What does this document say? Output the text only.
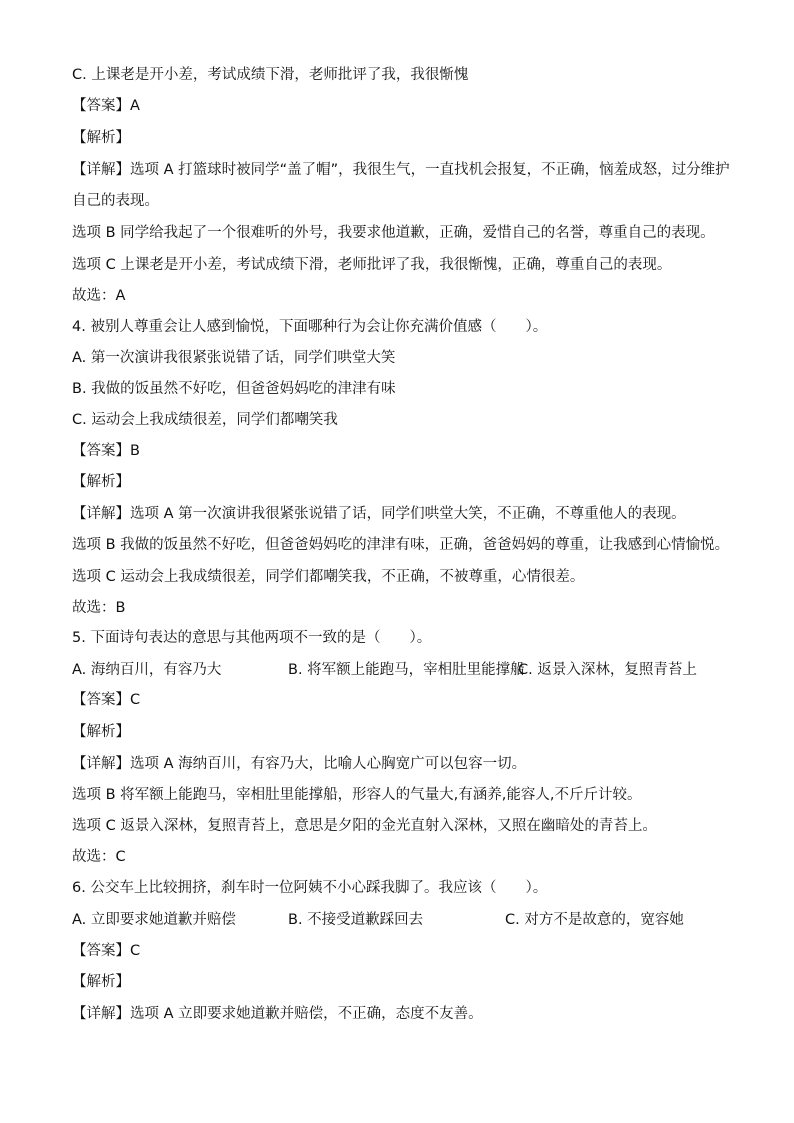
C. 上课老是开小差，考试成绩下滑，老师批评了我，我很惭愧
【答案】A
【解析】
【详解】选项 A 打篮球时被同学“盖了帽”，我很生气，一直找机会报复，不正确，恼羞成怒，过分维护
自己的表现。
选项 B 同学给我起了一个很难听的外号，我要求他道歉，正确，爱惜自己的名誉，尊重自己的表现。
选项 C 上课老是开小差，考试成绩下滑，老师批评了我，我很惭愧，正确，尊重自己的表现。
故选：A
4. 被别人尊重会让人感到愉悦，下面哪种行为会让你充满价值感（　　）。
A. 第一次演讲我很紧张说错了话，同学们哄堂大笑
B. 我做的饭虽然不好吃，但爸爸妈妈吃的津津有味
C. 运动会上我成绩很差，同学们都嘲笑我
【答案】B
【解析】
【详解】选项 A 第一次演讲我很紧张说错了话，同学们哄堂大笑，不正确，不尊重他人的表现。
选项 B 我做的饭虽然不好吃，但爸爸妈妈吃的津津有味，正确，爸爸妈妈的尊重，让我感到心情愉悦。
选项 C 运动会上我成绩很差，同学们都嘲笑我，不正确，不被尊重，心情很差。
故选：B
5. 下面诗句表达的意思与其他两项不一致的是（　　）。
A. 海纳百川，有容乃大	B. 将军额上能跑马，宰相肚里能撑船
C. 返景入深林，复照青苔上
【答案】C
【解析】
【详解】选项 A 海纳百川，有容乃大，比喻人心胸宽广可以包容一切。
选项 B 将军额上能跑马，宰相肚里能撑船，形容人的气量大,有涵养,能容人,不斤斤计较。
选项 C 返景入深林，复照青苔上，意思是夕阳的金光直射入深林，又照在幽暗处的青苔上。
故选：C
6. 公交车上比较拥挤，刹车时一位阿姨不小心踩我脚了。我应该（　　）。
A. 立即要求她道歉并赔偿	B. 不接受道歉踩回去	C. 对方不是故意的，宽容她
【答案】C
【解析】
【详解】选项 A 立即要求她道歉并赔偿，不正确，态度不友善。
